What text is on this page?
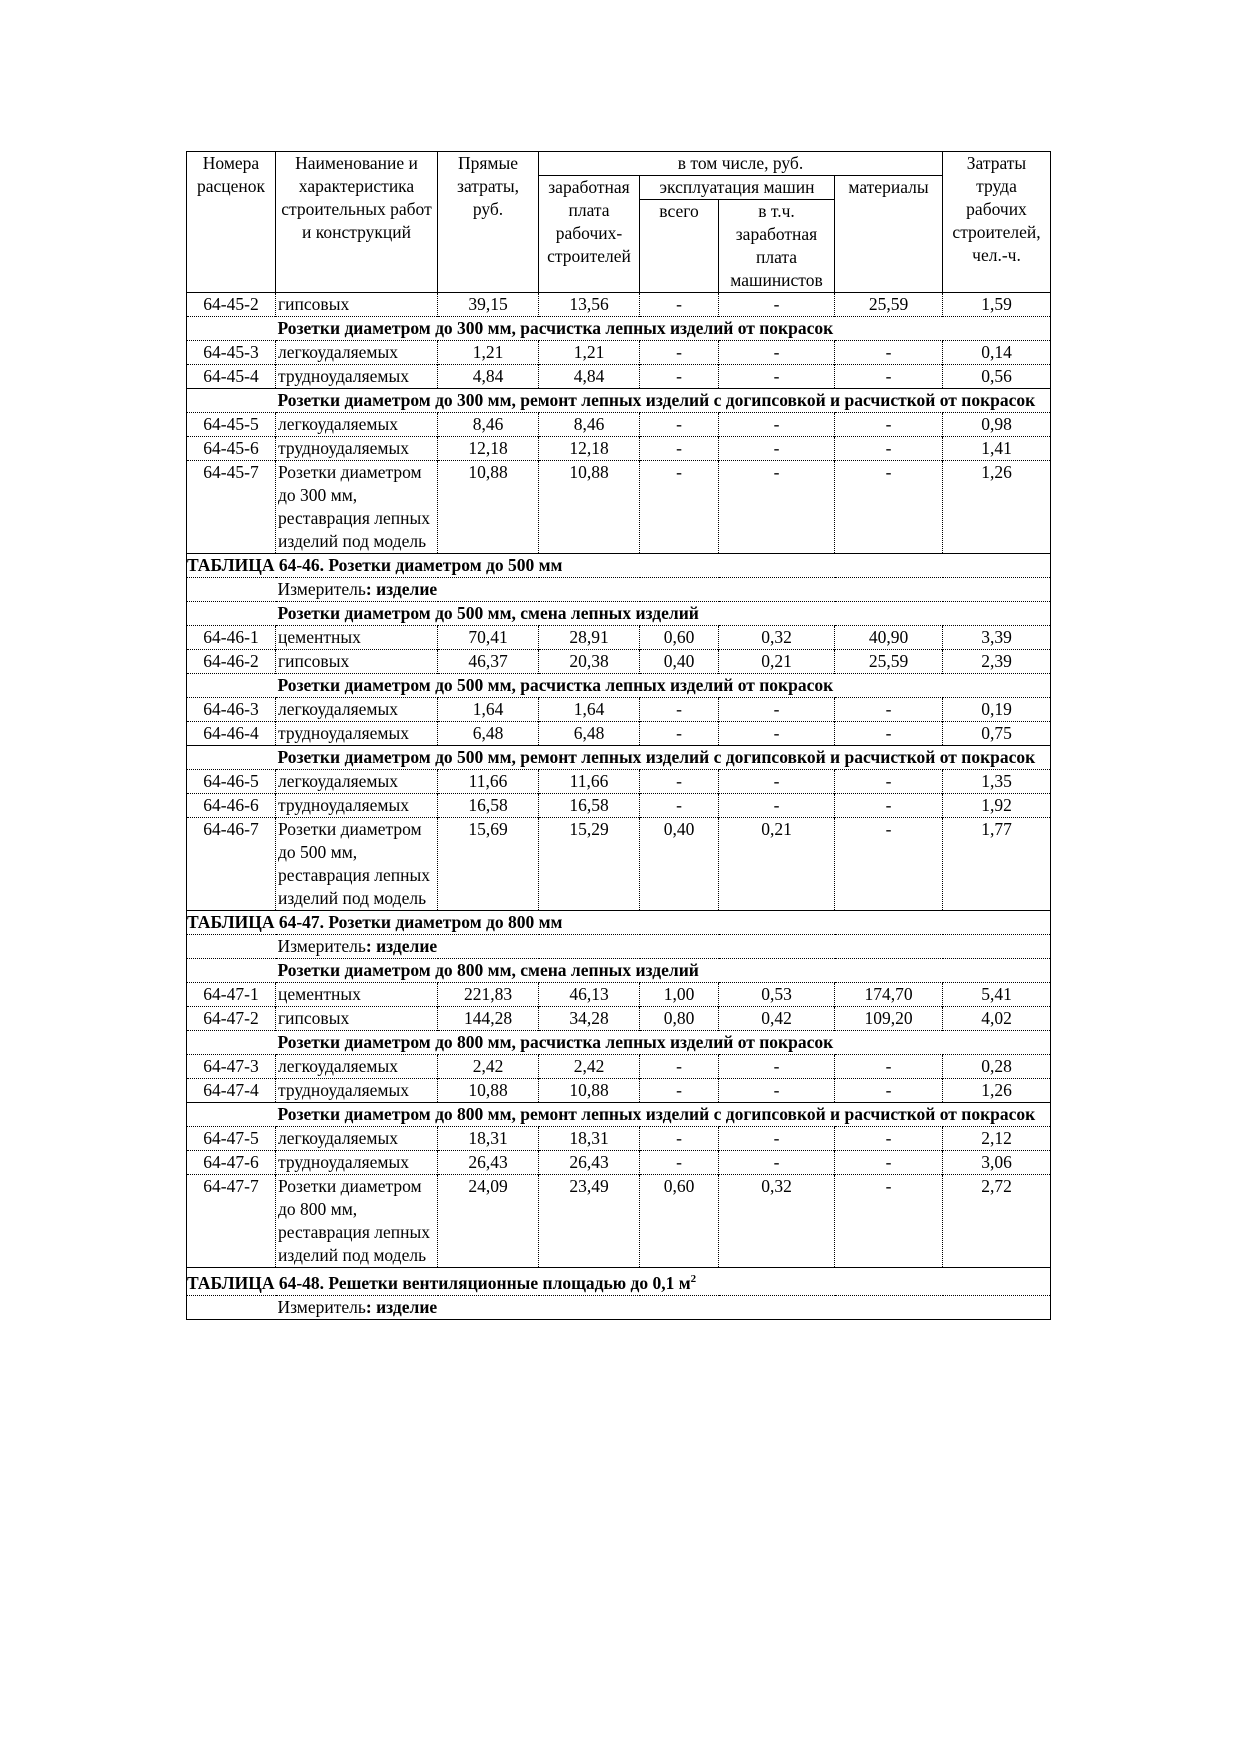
Номера расценок	Наименование и характеристика строительных работ и конструкций	Прямые затраты, руб.	в том числе, руб.				Затраты труда рабочих строителей, чел.-ч.
			заработная плата рабочих-строителей	эксплуатация машин		материалы	
				всего	в т.ч. заработная плата машинистов		
64-45-2	гипсовых	39,15	13,56	-	-	25,59	1,59
	Розетки диаметром до 300 мм, расчистка лепных изделий от покрасок						
64-45-3	легкоудаляемых	1,21	1,21	-	-	-	0,14
64-45-4	трудноудаляемых	4,84	4,84	-	-	-	0,56
	Розетки диаметром до 300 мм, ремонт лепных изделий с догипсовкой и расчисткой от покрасок						
64-45-5	легкоудаляемых	8,46	8,46	-	-	-	0,98
64-45-6	трудноудаляемых	12,18	12,18	-	-	-	1,41
64-45-7	Розетки диаметром до 300 мм, реставрация лепных изделий под модель	10,88	10,88	-	-	-	1,26
ТАБЛИЦА 64-46. Розетки диаметром до 500 мм							
	Измеритель: изделие						
	Розетки диаметром до 500 мм, смена лепных изделий						
64-46-1	цементных	70,41	28,91	0,60	0,32	40,90	3,39
64-46-2	гипсовых	46,37	20,38	0,40	0,21	25,59	2,39
	Розетки диаметром до 500 мм, расчистка лепных изделий от покрасок						
64-46-3	легкоудаляемых	1,64	1,64	-	-	-	0,19
64-46-4	трудноудаляемых	6,48	6,48	-	-	-	0,75
	Розетки диаметром до 500 мм, ремонт лепных изделий с догипсовкой и расчисткой от покрасок						
64-46-5	легкоудаляемых	11,66	11,66	-	-	-	1,35
64-46-6	трудноудаляемых	16,58	16,58	-	-	-	1,92
64-46-7	Розетки диаметром до 500 мм, реставрация лепных изделий под модель	15,69	15,29	0,40	0,21	-	1,77
ТАБЛИЦА 64-47. Розетки диаметром до 800 мм							
	Измеритель: изделие						
	Розетки диаметром до 800 мм, смена лепных изделий						
64-47-1	цементных	221,83	46,13	1,00	0,53	174,70	5,41
64-47-2	гипсовых	144,28	34,28	0,80	0,42	109,20	4,02
	Розетки диаметром до 800 мм, расчистка лепных изделий от покрасок						
64-47-3	легкоудаляемых	2,42	2,42	-	-	-	0,28
64-47-4	трудноудаляемых	10,88	10,88	-	-	-	1,26
	Розетки диаметром до 800 мм, ремонт лепных изделий с догипсовкой и расчисткой от покрасок						
64-47-5	легкоудаляемых	18,31	18,31	-	-	-	2,12
64-47-6	трудноудаляемых	26,43	26,43	-	-	-	3,06
64-47-7	Розетки диаметром до 800 мм, реставрация лепных изделий под модель	24,09	23,49	0,60	0,32	-	2,72
ТАБЛИЦА 64-48. Решетки вентиляционные площадью до 0,1 $м^2$
	Измеритель: изделие						
